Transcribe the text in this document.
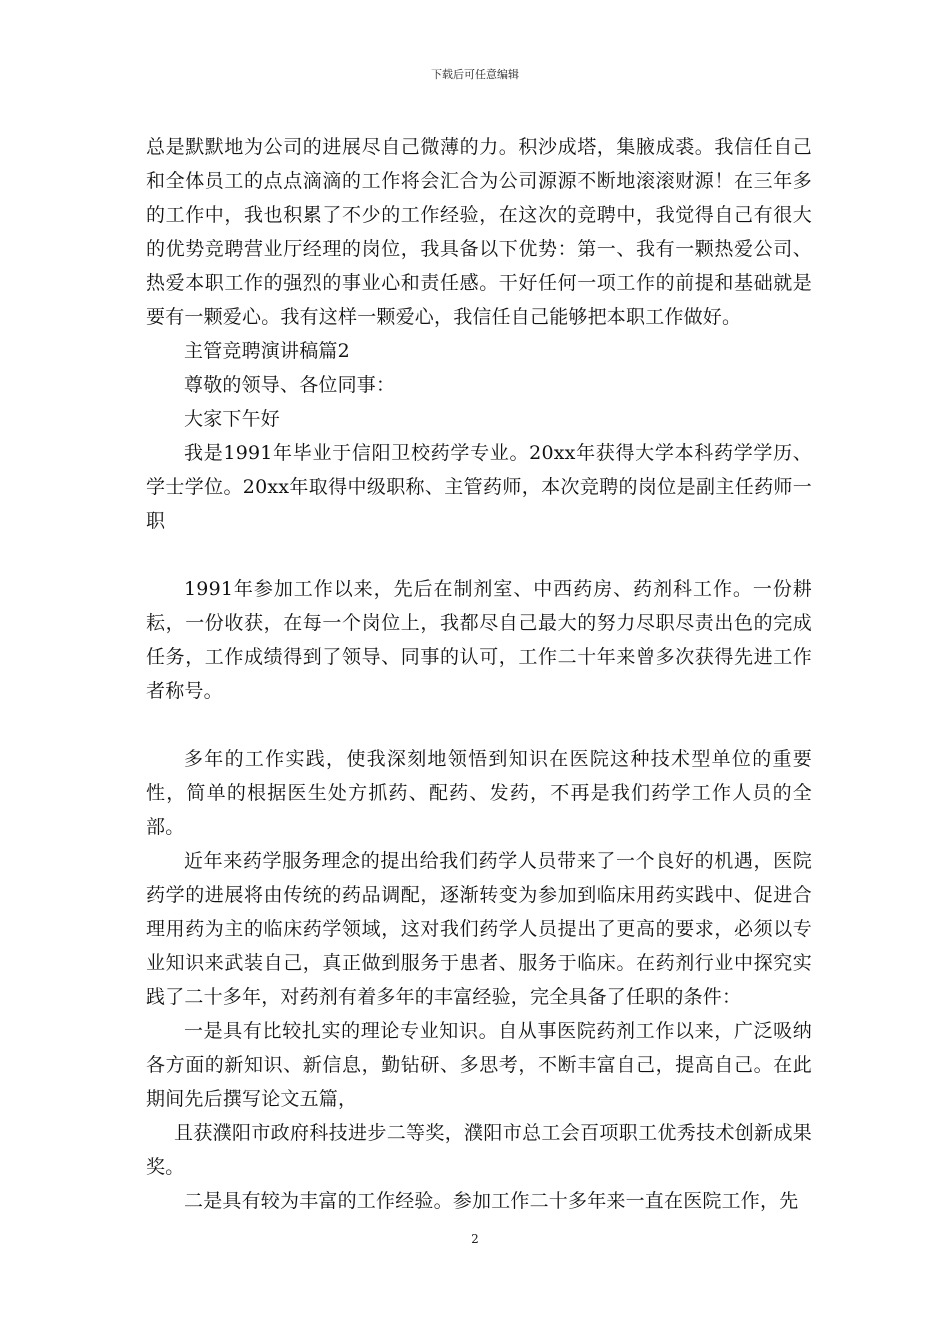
下载后可任意编辑

总是默默地为公司的进展尽自己微薄的力。积沙成塔，集腋成裘。我信任自己和全体员工的点点滴滴的工作将会汇合为公司源源不断地滚滚财源！在三年多的工作中，我也积累了不少的工作经验，在这次的竞聘中，我觉得自己有很大的优势竞聘营业厅经理的岗位，我具备以下优势：第一、我有一颗热爱公司、热爱本职工作的强烈的事业心和责任感。干好任何一项工作的前提和基础就是要有一颗爱心。我有这样一颗爱心，我信任自己能够把本职工作做好。

主管竞聘演讲稿篇2

尊敬的领导、各位同事：

大家下午好

我是1991年毕业于信阳卫校药学专业。20xx年获得大学本科药学学历、学士学位。20xx年取得中级职称、主管药师，本次竞聘的岗位是副主任药师一职

1991年参加工作以来，先后在制剂室、中西药房、药剂科工作。一份耕耘，一份收获，在每一个岗位上，我都尽自己最大的努力尽职尽责出色的完成任务，工作成绩得到了领导、同事的认可，工作二十年来曾多次获得先进工作者称号。

多年的工作实践，使我深刻地领悟到知识在医院这种技术型单位的重要性，简单的根据医生处方抓药、配药、发药，不再是我们药学工作人员的全部。

近年来药学服务理念的提出给我们药学人员带来了一个良好的机遇，医院药学的进展将由传统的药品调配，逐渐转变为参加到临床用药实践中、促进合理用药为主的临床药学领域，这对我们药学人员提出了更高的要求，必须以专业知识来武装自己，真正做到服务于患者、服务于临床。在药剂行业中探究实践了二十多年，对药剂有着多年的丰富经验，完全具备了任职的条件：

一是具有比较扎实的理论专业知识。自从事医院药剂工作以来，广泛吸纳各方面的新知识、新信息，勤钻研、多思考，不断丰富自己，提高自己。在此期间先后撰写论文五篇，

且获濮阳市政府科技进步二等奖，濮阳市总工会百项职工优秀技术创新成果奖。

二是具有较为丰富的工作经验。参加工作二十多年来一直在医院工作，先

2
